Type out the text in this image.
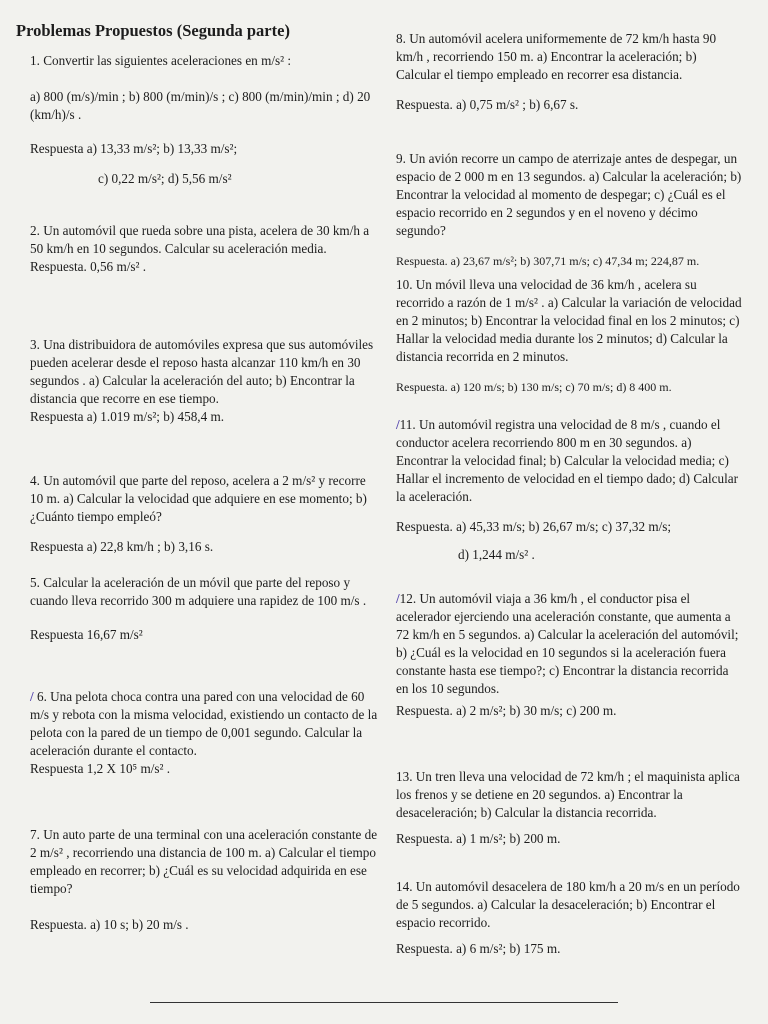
Problemas Propuestos (Segunda parte)

1. Convertir las siguientes aceleraciones en m/s² :

a) 800 (m/s)/min ; b) 800 (m/min)/s ; c) 800 (m/min)/min ; d) 20 (km/h)/s .

Respuesta a) 13,33 m/s²; b) 13,33 m/s²;

c) 0,22 m/s²; d) 5,56 m/s²

2. Un automóvil que rueda sobre una pista, acelera de 30 km/h a 50 km/h en 10 segundos. Calcular su aceleración media.

Respuesta. 0,56 m/s² .

3. Una distribuidora de automóviles expresa que sus automóviles pueden acelerar desde el reposo hasta alcanzar 110 km/h en 30 segundos . a) Calcular la aceleración del auto; b) Encontrar la distancia que recorre en ese tiempo.

Respuesta a) 1.019 m/s²; b) 458,4 m.

4. Un automóvil que parte del reposo, acelera a 2 m/s² y recorre 10 m. a) Calcular la velocidad que adquiere en ese momento; b) ¿Cuánto tiempo empleó?

Respuesta a) 22,8 km/h ; b) 3,16 s.

5. Calcular la aceleración de un móvil que parte del reposo y cuando lleva recorrido 300 m adquiere una rapidez de 100 m/s .

Respuesta 16,67 m/s²

/ 6. Una pelota choca contra una pared con una velocidad de 60 m/s y rebota con la misma velocidad, existiendo un contacto de la pelota con la pared de un tiempo de 0,001 segundo. Calcular la aceleración durante el contacto.

Respuesta 1,2 X 10⁵ m/s² .

7. Un auto parte de una terminal con una aceleración constante de 2 m/s² , recorriendo una distancia de 100 m. a) Calcular el tiempo empleado en recorrer; b) ¿Cuál es su velocidad adquirida en ese tiempo?

Respuesta. a) 10 s; b) 20 m/s .

8. Un automóvil acelera uniformemente de 72 km/h hasta 90 km/h , recorriendo 150 m. a) Encontrar la aceleración; b) Calcular el tiempo empleado en recorrer esa distancia.

Respuesta. a) 0,75 m/s² ; b) 6,67 s.

9. Un avión recorre un campo de aterrizaje antes de despegar, un espacio de 2 000 m en 13 segundos. a) Calcular la aceleración; b) Encontrar la velocidad al momento de despegar; c) ¿Cuál es el espacio recorrido en 2 segundos y en el noveno y décimo segundo?

Respuesta. a) 23,67 m/s²; b) 307,71 m/s; c) 47,34 m; 224,87 m.

10. Un móvil lleva una velocidad de 36 km/h , acelera su recorrido a razón de 1 m/s² . a) Calcular la variación de velocidad en 2 minutos; b) Encontrar la velocidad final en los 2 minutos; c) Hallar la velocidad media durante los 2 minutos; d) Calcular la distancia recorrida en 2 minutos.

Respuesta. a) 120 m/s; b) 130 m/s; c) 70 m/s; d) 8 400 m.

/11. Un automóvil registra una velocidad de 8 m/s , cuando el conductor acelera recorriendo 800 m en 30 segundos. a) Encontrar la velocidad final; b) Calcular la velocidad media; c) Hallar el incremento de velocidad en el tiempo dado; d) Calcular la aceleración.

Respuesta. a) 45,33 m/s; b) 26,67 m/s; c) 37,32 m/s;

d) 1,244 m/s² .

/12. Un automóvil viaja a 36 km/h , el conductor pisa el acelerador ejerciendo una aceleración constante, que aumenta a 72 km/h en 5 segundos. a) Calcular la aceleración del automóvil; b) ¿Cuál es la velocidad en 10 segundos si la aceleración fuera constante hasta ese tiempo?; c) Encontrar la distancia recorrida en los 10 segundos.

Respuesta. a) 2 m/s²; b) 30 m/s; c) 200 m.

13. Un tren lleva una velocidad de 72 km/h ; el maquinista aplica los frenos y se detiene en 20 segundos. a) Encontrar la desaceleración; b) Calcular la distancia recorrida.

Respuesta. a) 1 m/s²; b) 200 m.

14. Un automóvil desacelera de 180 km/h a 20 m/s en un período de 5 segundos. a) Calcular la desaceleración; b) Encontrar el espacio recorrido.

Respuesta. a) 6 m/s²; b) 175 m.
